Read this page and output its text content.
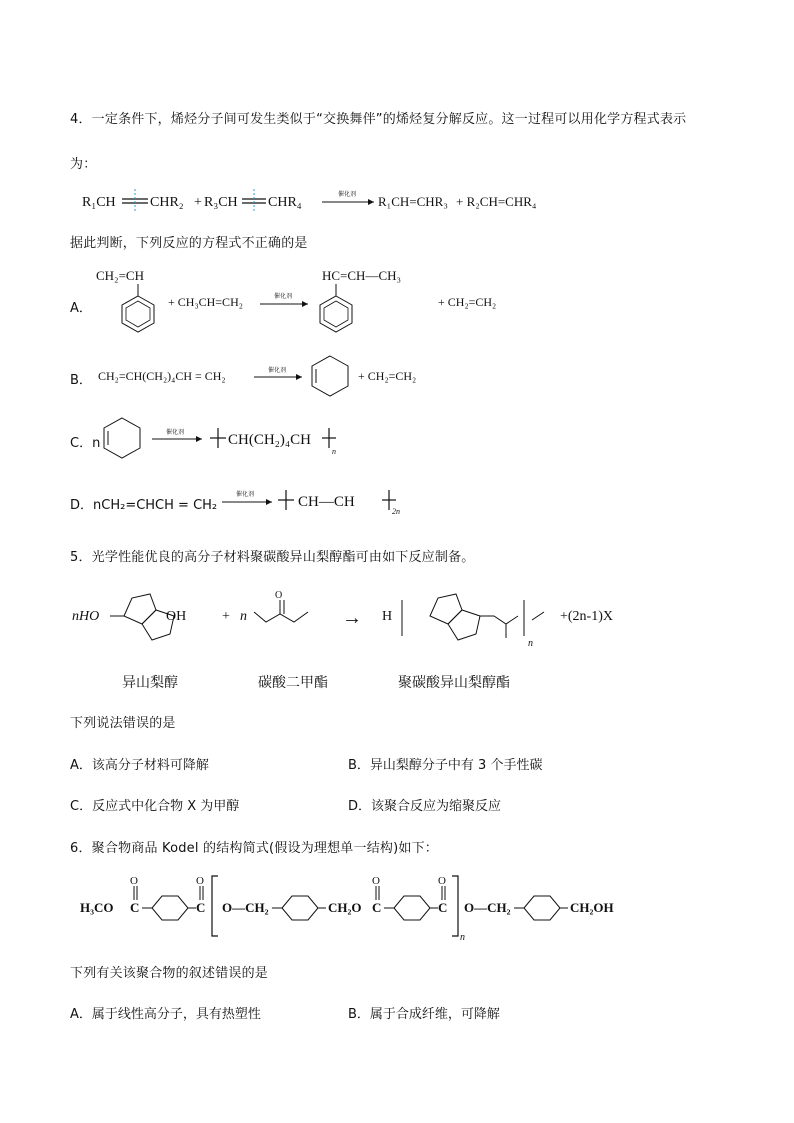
4．一定条件下，烯烃分子间可发生类似于“交换舞伴”的烯烃复分解反应。这一过程可以用化学方程式表示
为：
R₁CH CHR₂ + R₃CH CHR₄
催化剂 R₁CH=CHR₃ + R₂CH=CHR₄
据此判断，下列反应的方程式不正确的是
A．
CH₂=CH
+ CH₃CH=CH₂	催化剂
HC=CH—CH₃
+ CH₂=CH₂
B． CH₂=CH(CH₂)₄CH = CH₂	催化剂	+ CH₂=CH₂
C．n
催化剂	CH(CH₂)₄CH
n
D．nCH₂=CHCH = CH₂
催化剂	CH—CH
2n
5．光学性能优良的高分子材料聚碳酸异山梨醇酯可由如下反应制备。
nHO	OH	+ n
O
→ H
n
+(2n-1)X
异山梨醇	碳酸二甲酯	聚碳酸异山梨醇酯
下列说法错误的是
A．该高分子材料可降解	B．异山梨醇分子中有 3 个手性碳
C．反应式中化合物 X 为甲醇	D．该聚合反应为缩聚反应
6．聚合物商品 Kodel 的结构简式(假设为理想单一结构)如下：
H₃CO C
O
C
O
O—CH₂	CH₂O C
O
C
O
n
O—CH₂	CH₂OH
下列有关该聚合物的叙述错误的是
A．属于线性高分子，具有热塑性	B．属于合成纤维，可降解
